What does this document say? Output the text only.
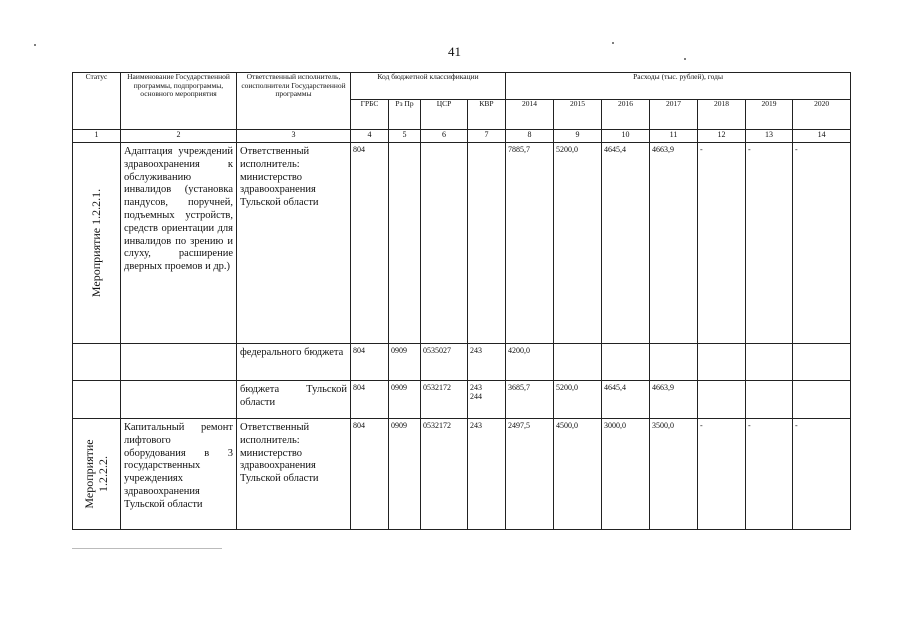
41
Статус	Наименование Государственной программы, подпрограммы, основного мероприятия	Ответственный исполнитель, соисполнители Государственной программы	Код бюджетной классификации				Расходы (тыс. рублей), годы						
			ГРБС	Рз Пр	ЦСР	КВР	2014	2015	2016	2017	2018	2019	2020
1	2	3	4	5	6	7	8	9	10	11	12	13	14

Мероприятие 1.2.2.1.	Адаптация учреждений здравоохранения к обслуживанию инвалидов (установка пандусов, поручней, подъемных устройств, средств ориентации для инвалидов по зрению и слуху, расширение дверных проемов и др.)	Ответственный исполнитель: министерство здравоохранения Тульской области	804				7885,7	5200,0	4645,4	4663,9	-	-	-
		федерального бюджета	804	0909	0535027	243	4200,0						
		бюджета Тульской области	804	0909	0532172	243 244	3685,7	5200,0	4645,4	4663,9			

Мероприятие 1.2.2.2.	Капитальный ремонт лифтового оборудования в 3 государственных учреждениях здравоохранения Тульской области	Ответственный исполнитель: министерство здравоохранения Тульской области	804	0909	0532172	243	2497,5	4500,0	3000,0	3500,0	-	-	-
